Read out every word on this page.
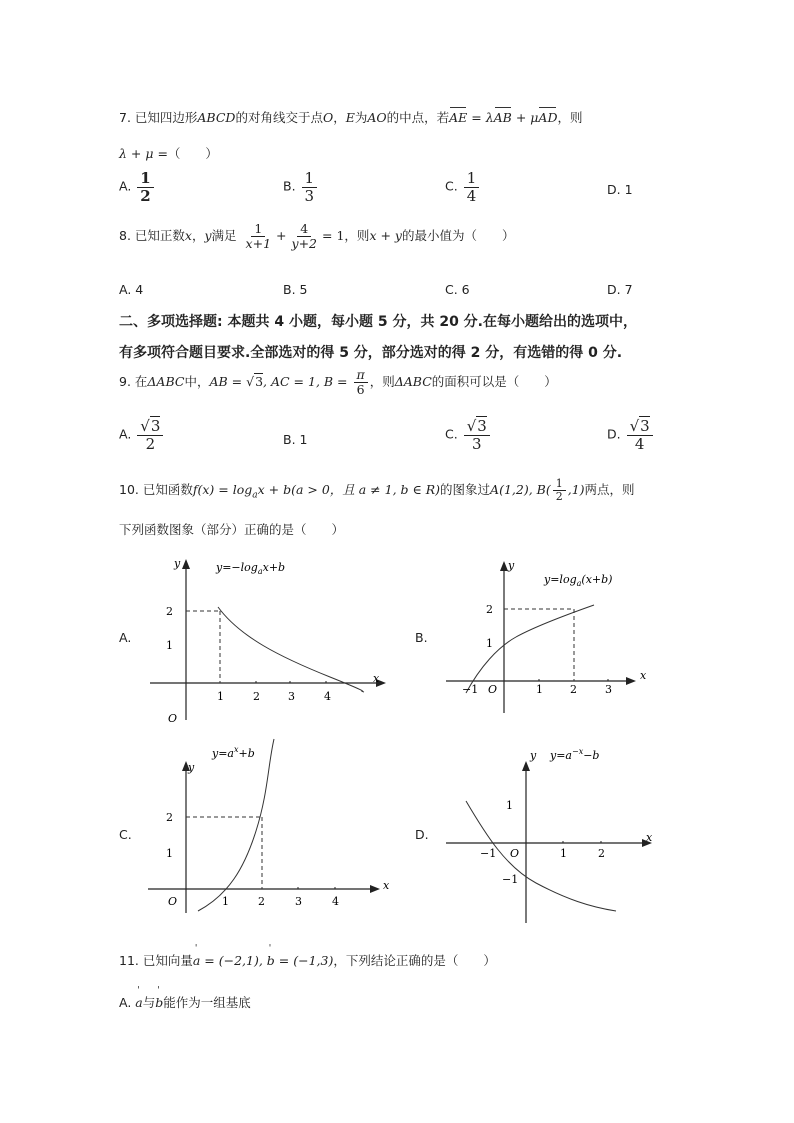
7. 已知四边形ABCD的对角线交于点O，E为AO的中点，若AE = λAB + μAD，则
λ + μ =（　　）
A. $\frac{1}{2}$	B. $\frac{1}{3}$	C. $\frac{1}{4}$	D. 1
8. 已知正数x，y满足 $\frac{1}{x+1} + \frac{4}{y+2} = 1$，则x + y的最小值为（　　）
A. 4	B. 5	C. 6	D. 7
二、多项选择题: 本题共 4 小题，每小题 5 分，共 20 分.在每小题给出的选项中，
有多项符合题目要求.全部选对的得 5 分，部分选对的得 2 分，有选错的得 0 分.
9. 在ΔABC中，AB = √3, AC = 1, $B = \frac{\pi}{6}$ ，则ΔABC的面积可以是（　　）
A. $\frac{√3}{2}$	B. 1	C. $\frac{√3}{3}$	D. $\frac{√3}{4}$
10. 已知函数$f(x) = \log_ax + b(a > 0$，且 a ≠ 1, b ∈ R)的图象过A(1,2), $B( \frac{1}{2} ,1)$两点，则
下列函数图象（部分）正确的是（　　）
A.	B.
C.	D.
$y=-\log_ax+b$
y
x
O
2
1
1	2	3	4
$y=\log_a(x+b)$
y
x
O
2
1
−1	1 2	3
$y=a^x+b$
y
x
O
2
1
1	2	3	4
$y=a^{-x}-b$
y
x
O
1
−1
−1	1	2
11. 已知向量' a = (−2,1), ' b = (−1,3)，下列结论正确的是（　　）
A. ' a与' b能作为一组基底
